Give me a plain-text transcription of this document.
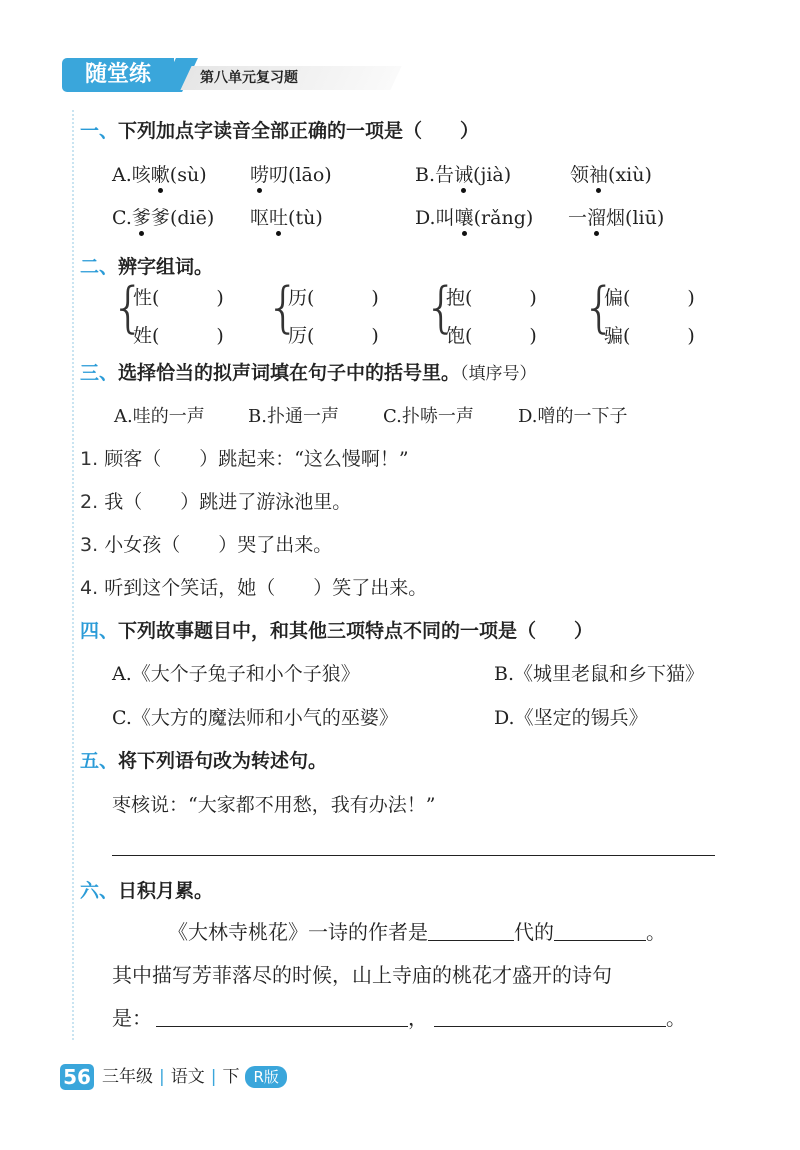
随堂练	第八单元复习题
一、下列加点字读音全部正确的一项是（　　）
A.咳嗽(sù) 唠叨(lāo)	B.告诫(jià)	领袖(xiù)
C.爹爹(diē) 呕吐(tù)	D.叫嚷(rǎng) 一溜烟(liū)
二、辨字组词。
{
性(　　　)
姓(　　　) {
历(　　　)
厉(　　　) {
抱(　　　)
饱(　　　) {
偏(　　　)
骗(　　　)
三、选择恰当的拟声词填在句子中的括号里。（填序号）
A.哇的一声 B.扑通一声 C.扑哧一声 D.噌的一下子
1. 顾客（　　）跳起来：“这么慢啊！”
2. 我（　　）跳进了游泳池里。
3. 小女孩（　　）哭了出来。
4. 听到这个笑话，她（　　）笑了出来。
四、下列故事题目中，和其他三项特点不同的一项是（　　）
A.《大个子兔子和小个子狼》	B.《城里老鼠和乡下猫》
C.《大方的魔法师和小气的巫婆》	D.《坚定的锡兵》
五、将下列语句改为转述句。
枣核说：“大家都不用愁，我有办法！”
六、日积月累。
《大林寺桃花》一诗的作者是	代的	。
其中描写芳菲落尽的时候，山上寺庙的桃花才盛开的诗句
是：	，	。
56 三年级 | 语文 | 下 R版
